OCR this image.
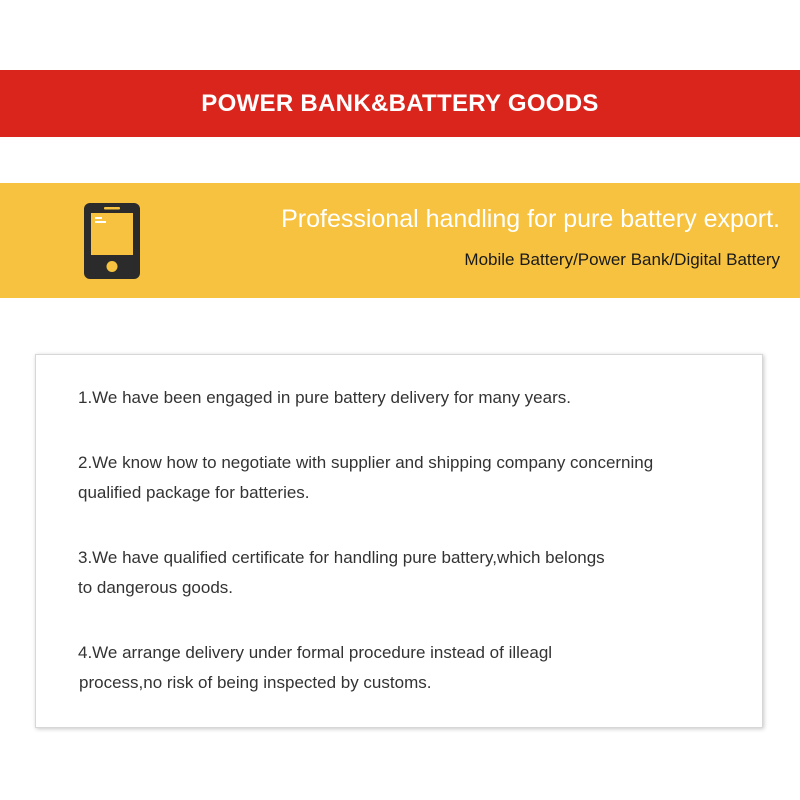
POWER BANK&BATTERY GOODS
Professional handling for pure battery export.

Mobile Battery/Power Bank/Digital Battery

1.We have been engaged in pure battery delivery for many years.

2.We know how to negotiate with supplier and shipping company concerning
qualified package for batteries.

3.We have qualified certificate for handling pure battery,which belongs
to dangerous goods.

4.We arrange delivery under formal procedure instead of illeagl
process,no risk of being inspected by customs.
